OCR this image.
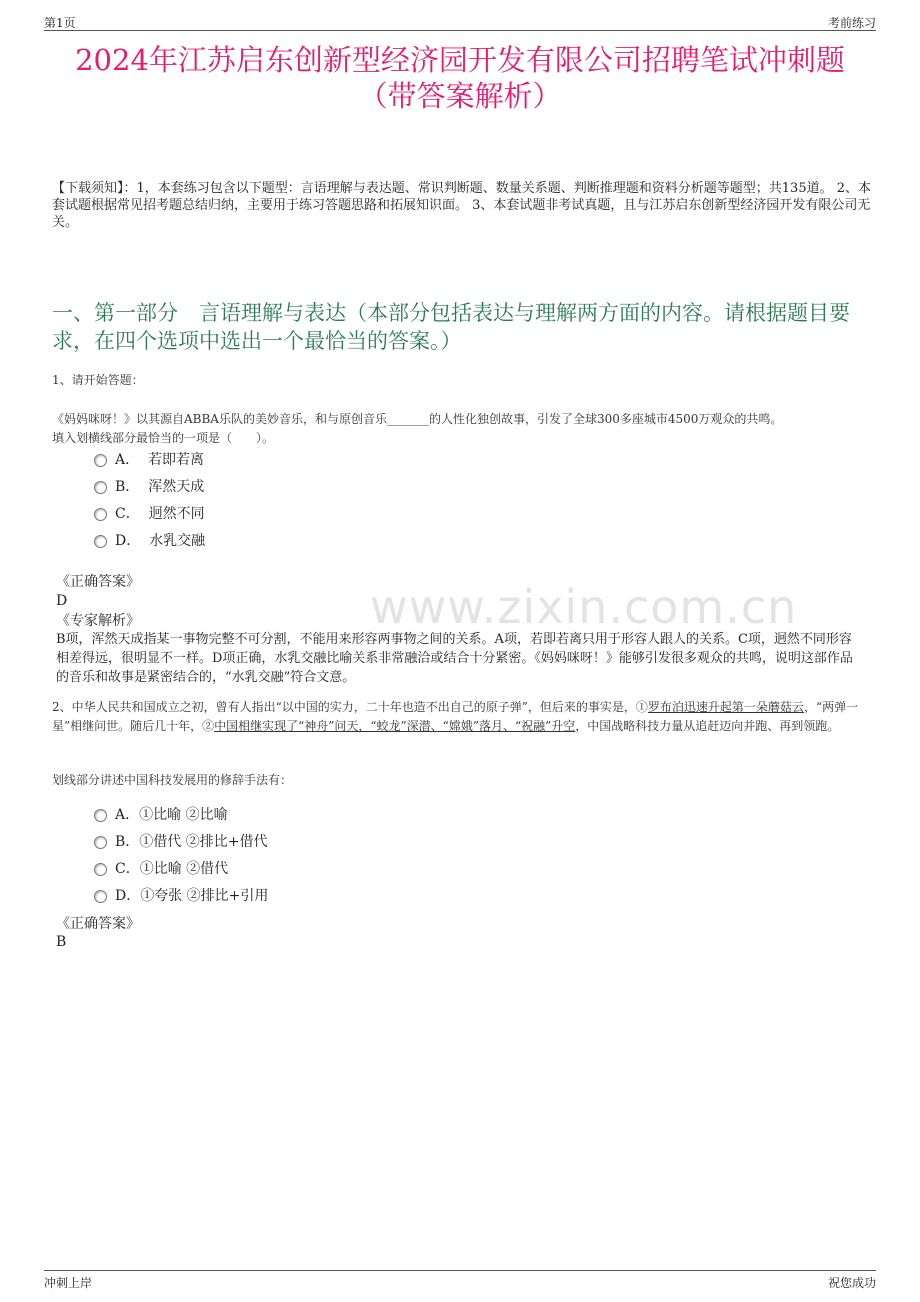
第1页	考前练习
2024年江苏启东创新型经济园开发有限公司招聘笔试冲刺题
（带答案解析）
【下载须知】：1，本套练习包含以下题型：言语理解与表达题、常识判断题、数量关系题、判断推理题和资料分析题等题型；共135道。 2、本套试题根据常见招考题总结归纳，主要用于练习答题思路和拓展知识面。 3、本套试题非考试真题，且与江苏启东创新型经济园开发有限公司无关。
一、第一部分　言语理解与表达（本部分包括表达与理解两方面的内容。请根据题目要求，在四个选项中选出一个最恰当的答案。）
www.zixin.com.cn
1、请开始答题：
《妈妈咪呀！》以其源自ABBA乐队的美妙音乐，和与原创音乐_______的人性化独创故事，引发了全球300多座城市4500万观众的共鸣。
填入划横线部分最恰当的一项是（　　）。
A． 若即若离
B． 浑然天成
C． 迥然不同
D． 水乳交融
《正确答案》
D
《专家解析》
B项，浑然天成指某一事物完整不可分割，不能用来形容两事物之间的关系。A项，若即若离只用于形容人跟人的关系。C项，迥然不同形容相差得远，很明显不一样。D项正确，水乳交融比喻关系非常融洽或结合十分紧密。《妈妈咪呀！》能够引发很多观众的共鸣，说明这部作品的音乐和故事是紧密结合的，“水乳交融”符合文意。
2、中华人民共和国成立之初，曾有人指出“以中国的实力，二十年也造不出自己的原子弹”，但后来的事实是，①罗布泊迅速升起第一朵蘑菇云，“两弹一星”相继问世。随后几十年，②中国相继实现了“神舟”问天，“蛟龙”深潜、“嫦娥”落月、“祝融”升空，中国战略科技力量从追赶迈向并跑、再到领跑。
划线部分讲述中国科技发展用的修辞手法有：
A．①比喻 ②比喻
B．①借代 ②排比+借代
C．①比喻 ②借代
D．①夸张 ②排比+引用
《正确答案》
B
冲刺上岸	祝您成功
